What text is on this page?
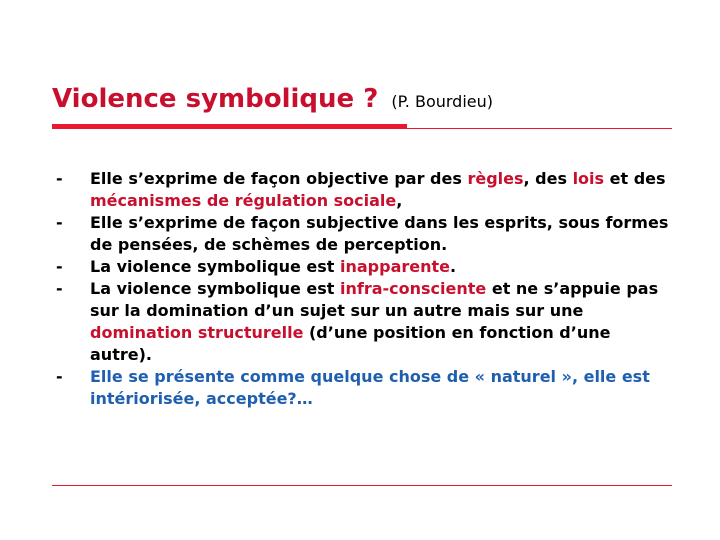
Violence symbolique ? (P. Bourdieu)
- Elle s’exprime de façon objective par des règles, des lois et des mécanismes de régulation sociale,
- Elle s’exprime de façon subjective dans les esprits, sous formes de pensées, de schèmes de perception.
- La violence symbolique est inapparente.
- La violence symbolique est infra-consciente et ne s’appuie pas sur la domination d’un sujet sur un autre mais sur une domination structurelle (d’une position en fonction d’une autre).
- Elle se présente comme quelque chose de « naturel », elle est intériorisée, acceptée?…
